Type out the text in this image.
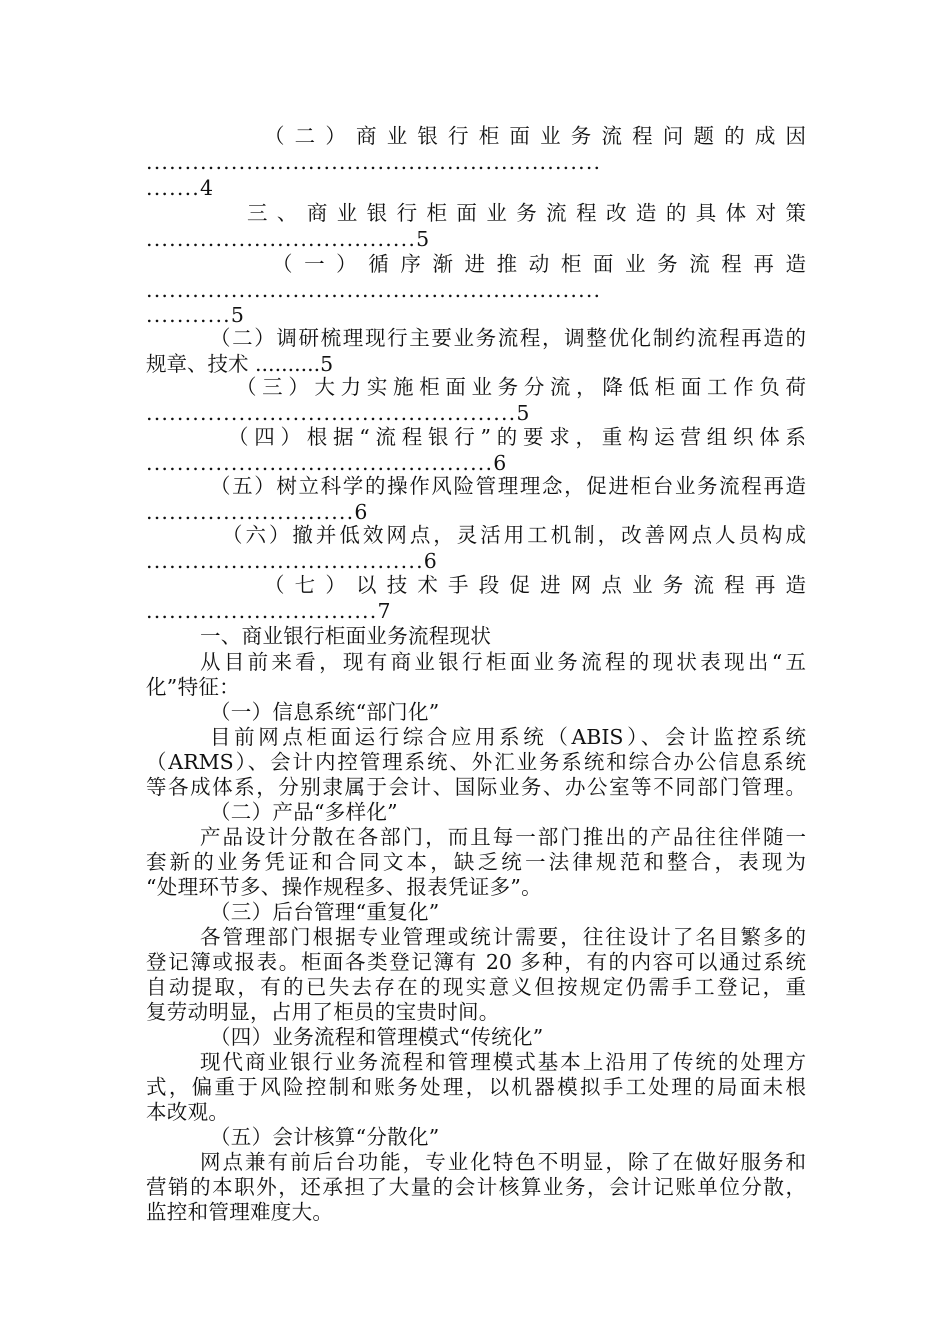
（二）商业银行柜面业务流程问题的成因
...........................................................
.......4
三、商业银行柜面业务流程改造的具体对策
...................................5
（一）循序渐进推动柜面业务流程再造
...........................................................
...........5
（二）调研梳理现行主要业务流程，调整优化制约流程再造的
规章、技术 ..........5
（三）大力实施柜面业务分流，降低柜面工作负荷
................................................5
（四）根据“流程银行”的要求，重构运营组织体系
.............................................6
（五）树立科学的操作风险管理理念，促进柜台业务流程再造
...........................6
（六）撤并低效网点，灵活用工机制，改善网点人员构成
....................................6
（七）以技术手段促进网点业务流程再造
..............................7
一、商业银行柜面业务流程现状
从目前来看，现有商业银行柜面业务流程的现状表现出“五
化”特征：
（一）信息系统“部门化”
目前网点柜面运行综合应用系统（ABIS）、会计监控系统
（ARMS）、会计内控管理系统、外汇业务系统和综合办公信息系统
等各成体系，分别隶属于会计、国际业务、办公室等不同部门管理。
（二）产品“多样化”
产品设计分散在各部门，而且每一部门推出的产品往往伴随一
套新的业务凭证和合同文本，缺乏统一法律规范和整合，表现为
“处理环节多、操作规程多、报表凭证多”。
（三）后台管理“重复化”
各管理部门根据专业管理或统计需要，往往设计了名目繁多的
登记簿或报表。柜面各类登记簿有 20 多种，有的内容可以通过系统
自动提取，有的已失去存在的现实意义但按规定仍需手工登记，重
复劳动明显，占用了柜员的宝贵时间。
（四）业务流程和管理模式“传统化”
现代商业银行业务流程和管理模式基本上沿用了传统的处理方
式，偏重于风险控制和账务处理，以机器模拟手工处理的局面未根
本改观。
（五）会计核算“分散化”
网点兼有前后台功能，专业化特色不明显，除了在做好服务和
营销的本职外，还承担了大量的会计核算业务，会计记账单位分散，
监控和管理难度大。
